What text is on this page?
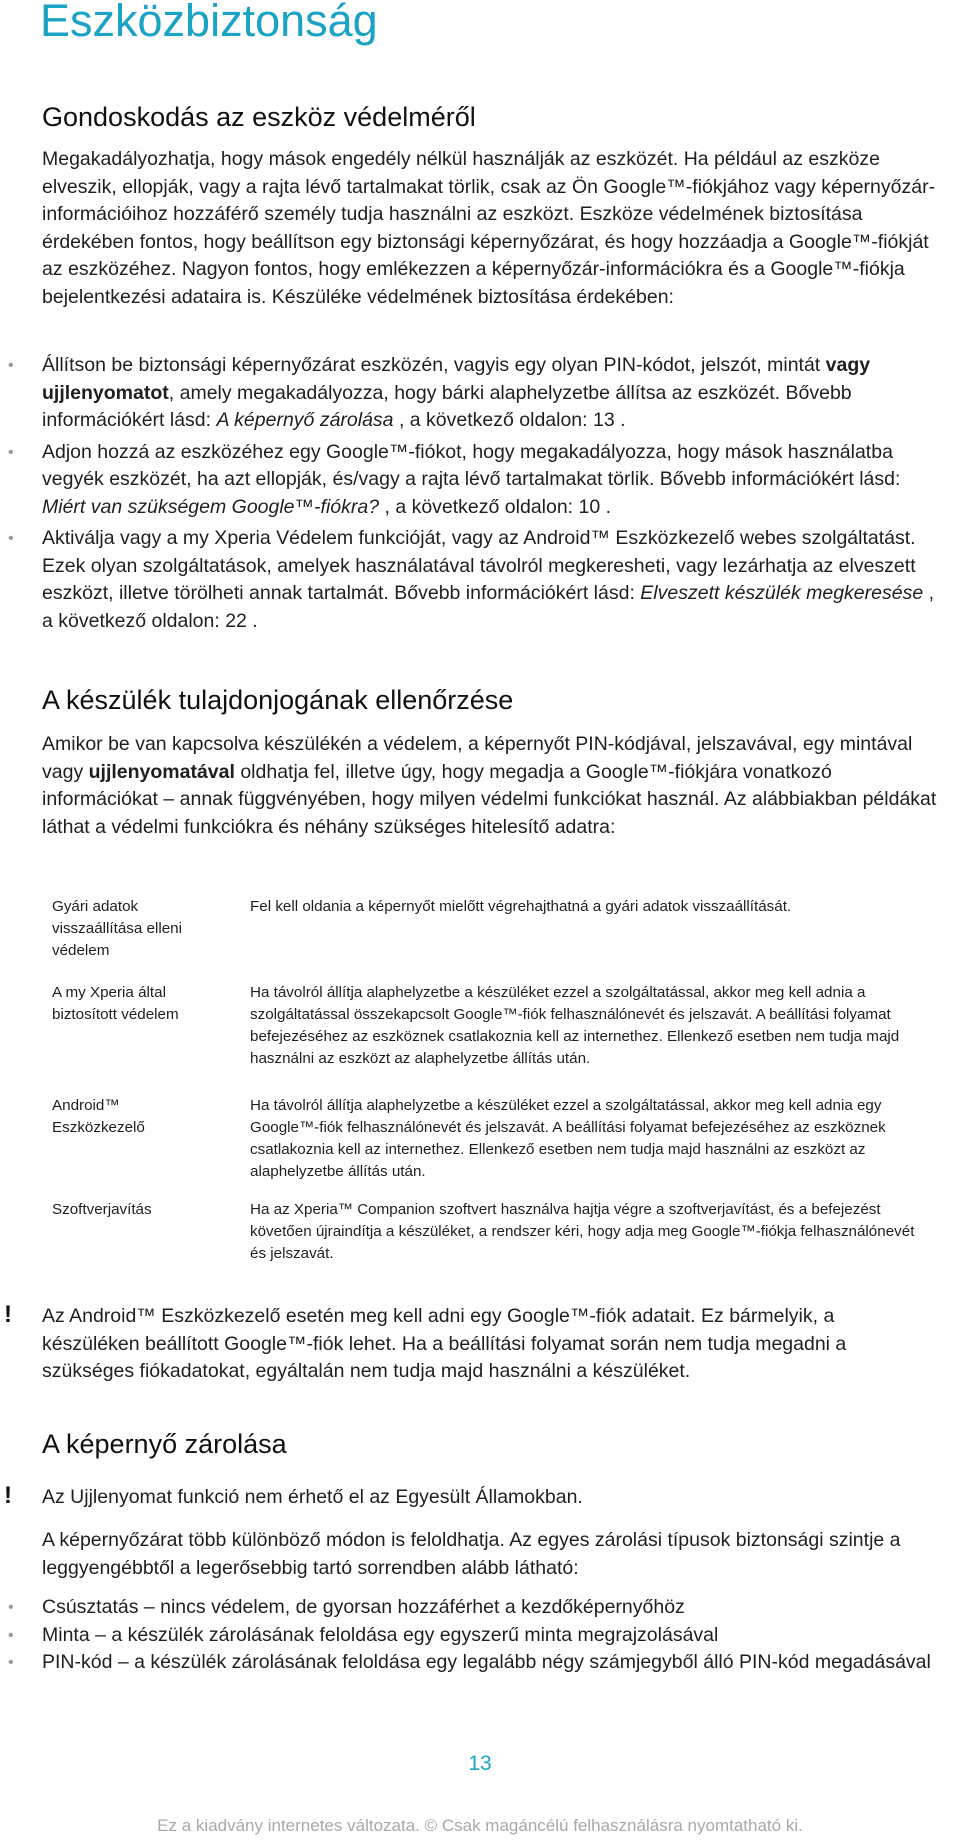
Eszközbiztonság
Gondoskodás az eszköz védelméről

Megakadályozhatja, hogy mások engedély nélkül használják az eszközét. Ha például az eszköze elveszik, ellopják, vagy a rajta lévő tartalmakat törlik, csak az Ön Google™-fiókjához vagy képernyőzár-információihoz hozzáférő személy tudja használni az eszközt. Eszköze védelmének biztosítása érdekében fontos, hogy beállítson egy biztonsági képernyőzárat, és hogy hozzáadja a Google™-fiókját az eszközéhez. Nagyon fontos, hogy emlékezzen a képernyőzár-információkra és a Google™-fiókja bejelentkezési adataira is. Készüléke védelmének biztosítása érdekében:

• Állítson be biztonsági képernyőzárat eszközén, vagyis egy olyan PIN-kódot, jelszót, mintát vagy ujjlenyomatot, amely megakadályozza, hogy bárki alaphelyzetbe állítsa az eszközét. Bővebb információkért lásd: A képernyő zárolása , a következő oldalon: 13 .
• Adjon hozzá az eszközéhez egy Google™-fiókot, hogy megakadályozza, hogy mások használatba vegyék eszközét, ha azt ellopják, és/vagy a rajta lévő tartalmakat törlik. Bővebb információkért lásd: Miért van szükségem Google™-fiókra? , a következő oldalon: 10 .
• Aktiválja vagy a my Xperia Védelem funkcióját, vagy az Android™ Eszközkezelő webes szolgáltatást. Ezek olyan szolgáltatások, amelyek használatával távolról megkeresheti, vagy lezárhatja az elveszett eszközt, illetve törölheti annak tartalmát. Bővebb információkért lásd: Elveszett készülék megkeresése , a következő oldalon: 22 .
A készülék tulajdonjogának ellenőrzése

Amikor be van kapcsolva készülékén a védelem, a képernyőt PIN-kódjával, jelszavával, egy mintával vagy ujjlenyomatával oldhatja fel, illetve úgy, hogy megadja a Google™-fiókjára vonatkozó információkat – annak függvényében, hogy milyen védelmi funkciókat használ. Az alábbiakban példákat láthat a védelmi funkciókra és néhány szükséges hitelesítő adatra:

Gyári adatok visszaállítása elleni védelem
Fel kell oldania a képernyőt mielőtt végrehajthatná a gyári adatok visszaállítását.
A my Xperia által biztosított védelem
Ha távolról állítja alaphelyzetbe a készüléket ezzel a szolgáltatással, akkor meg kell adnia a szolgáltatással összekapcsolt Google™-fiók felhasználónevét és jelszavát. A beállítási folyamat befejezéséhez az eszköznek csatlakoznia kell az internethez. Ellenkező esetben nem tudja majd használni az eszközt az alaphelyzetbe állítás után.
Android™ Eszközkezelő
Ha távolról állítja alaphelyzetbe a készüléket ezzel a szolgáltatással, akkor meg kell adnia egy Google™-fiók felhasználónevét és jelszavát. A beállítási folyamat befejezéséhez az eszköznek csatlakoznia kell az internethez. Ellenkező esetben nem tudja majd használni az eszközt az alaphelyzetbe állítás után.
Szoftverjavítás	Ha az Xperia™ Companion szoftvert használva hajtja végre a szoftverjavítást, és a befejezést követően újraindítja a készüléket, a rendszer kéri, hogy adja meg Google™-fiókja felhasználónevét és jelszavát.
! Az Android™ Eszközkezelő esetén meg kell adni egy Google™-fiók adatait. Ez bármelyik, a készüléken beállított Google™-fiók lehet. Ha a beállítási folyamat során nem tudja megadni a szükséges fiókadatokat, egyáltalán nem tudja majd használni a készüléket.

A képernyő zárolása
! Az Ujjlenyomat funkció nem érhető el az Egyesült Államokban.

A képernyőzárat több különböző módon is feloldhatja. Az egyes zárolási típusok biztonsági szintje a leggyengébbtől a legerősebbig tartó sorrendben alább látható:

• Csúsztatás – nincs védelem, de gyorsan hozzáférhet a kezdőképernyőhöz
• Minta – a készülék zárolásának feloldása egy egyszerű minta megrajzolásával
• PIN-kód – a készülék zárolásának feloldása egy legalább négy számjegyből álló PIN-kód megadásával
13
Ez a kiadvány internetes változata. © Csak magáncélú felhasználásra nyomtatható ki.
